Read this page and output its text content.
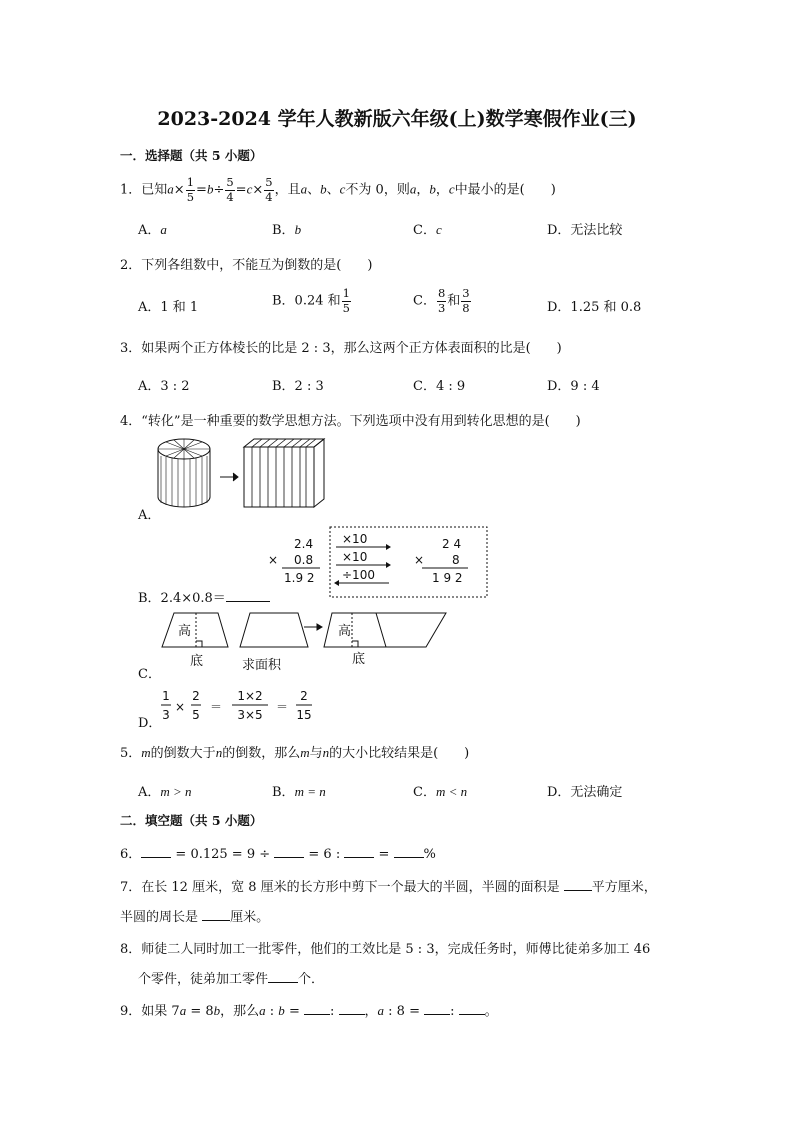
2023-2024 学年人教新版六年级(上)数学寒假作业(三)
一．选择题（共 5 小题）
1．已知$a\times \frac{1}{5} =b\div \frac{5}{4} =c\times \frac{5}{4}$ ，且a、b、c不为 0，则a，b，c中最小的是(　　)
A．a	B．b	C．c	D．无法比较
2．下列各组数中，不能互为倒数的是(　　)
A．1 和 1	B．0.24 和 $\frac{1}{5}$	C． $\frac{8}{3}$ 和 $\frac{3}{8}$	D．1.25 和 0.8
3．如果两个正方体棱长的比是 2 : 3，那么这两个正方体表面积的比是(　　)
A．3 : 2	B．2 : 3	C．4 : 9	D．9 : 4
4．“转化”是一种重要的数学思想方法。下列选项中没有用到转化思想的是(　　)
A．
B．2.4×0.8＝
2.4
× 0.8
1.9 2
×10
×10
÷100
2 4
× 8
1 9 2
C．
高
底	求面积
高
底
D．
1
3
×
2
5
＝
1×2
3×5
＝
2
15
5．m的倒数大于n的倒数，那么m与n的大小比较结果是(　　)
A．m > n	B．m = n	C．m < n	D．无法确定
二．填空题（共 5 小题）
6．	= 0.125 = 9 ÷	= 6 :	=	%
7．在长 12 厘米，宽 8 厘米的长方形中剪下一个最大的半圆，半圆的面积是 平方厘米，
半圆的周长是 厘米。
8．师徒二人同时加工一批零件，他们的工效比是 5 : 3，完成任务时，师傅比徒弟多加工 46
个零件，徒弟加工零件 个．
9．如果 7a = 8b，那么a : b = : ，a : 8 = : 。
